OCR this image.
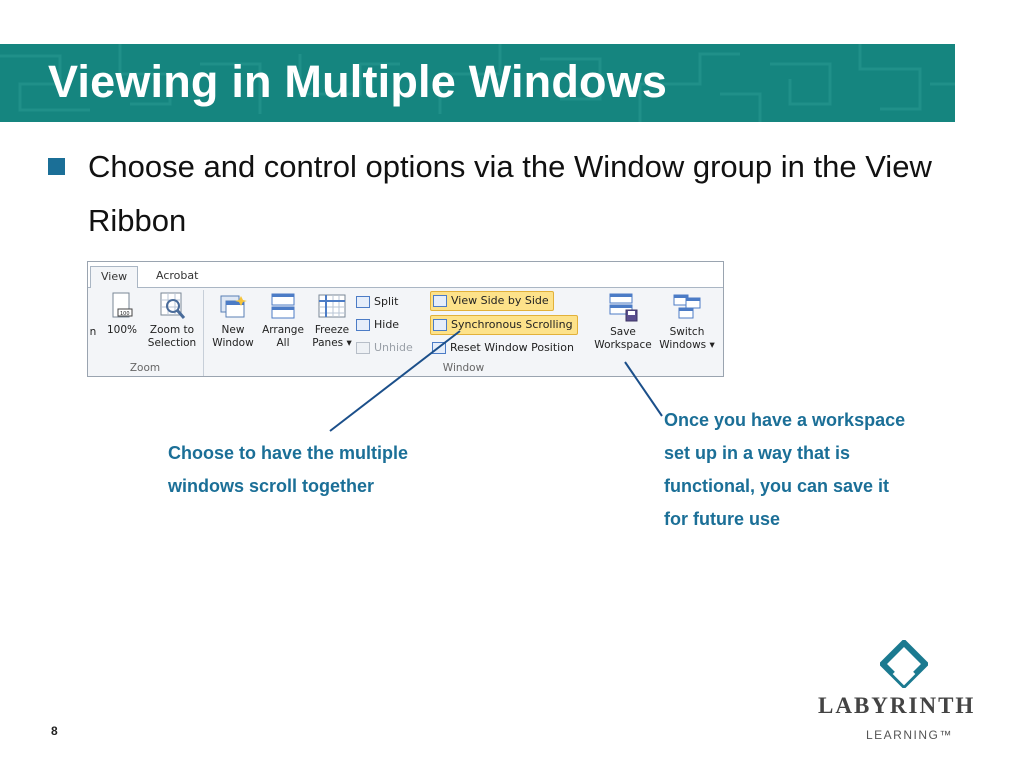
Viewing in Multiple Windows
Choose and control options via the Window group in the View Ribbon
View	Acrobat
n
100
100%	Zoom to
Selection
Zoom
New
Window
Arrange
All
Freeze
Panes ▾
Split
Hide
Unhide
View Side by Side
Synchronous Scrolling
Reset Window Position
Save
Workspace
Switch
Windows ▾
Window
Choose to have the multiple
windows scroll together
Once you have a workspace
set up in a way that is
functional, you can save it
for future use
8
LABYRINTH
LEARNING™
